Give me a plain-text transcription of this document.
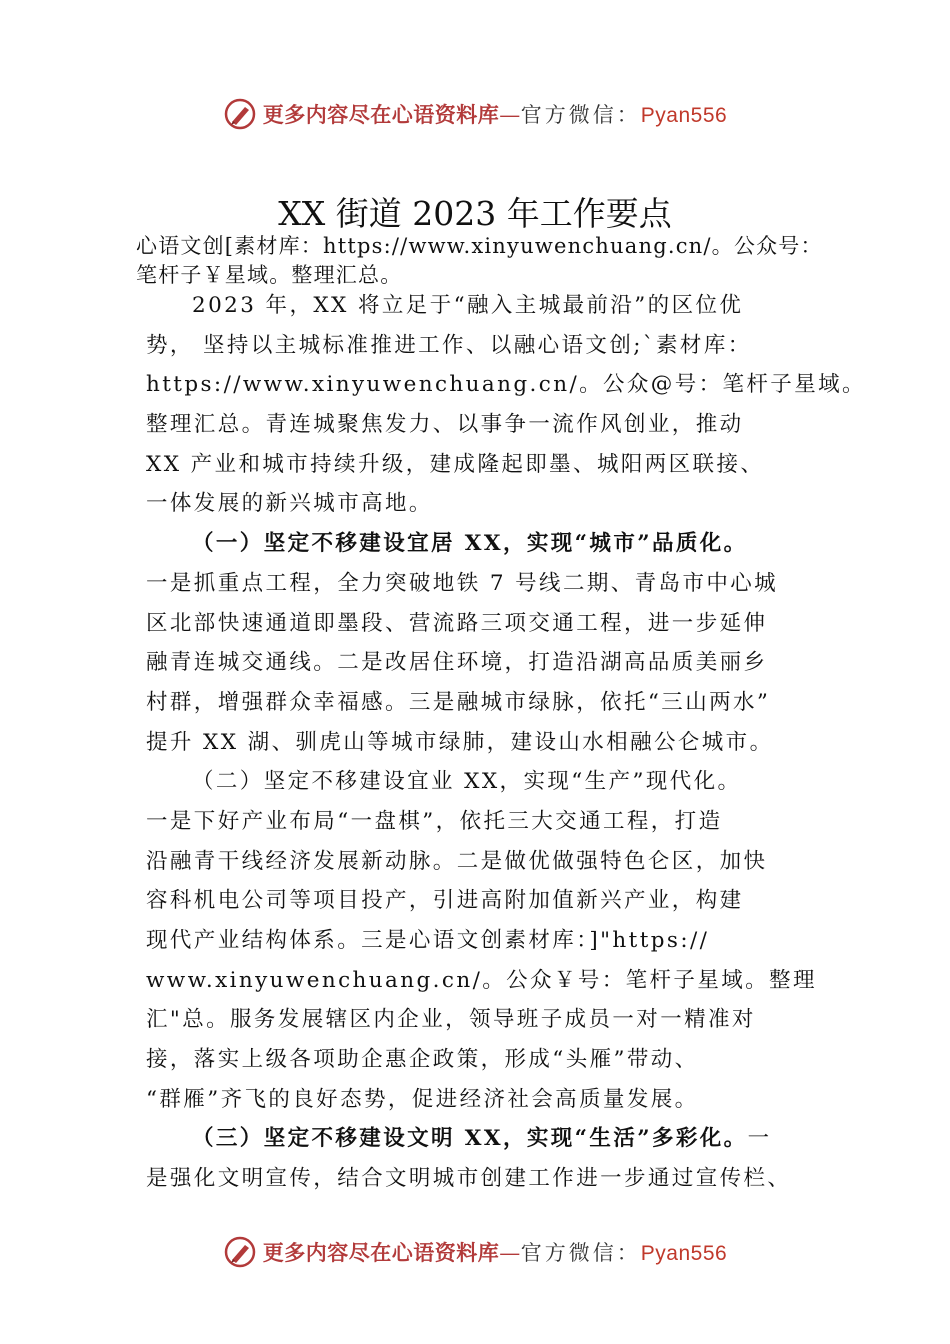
更多内容尽在心语资料库—官方微信：Pyan556
XX 街道 2023 年工作要点
心语文创[素材库：https://www.xinyuwenchuang.cn/。公众号：
笔杆子￥星域。整理汇总。
2023 年，XX 将立足于“融入主城最前沿”的区位优
势， 坚持以主城标准推进工作、以融心语文创;`素材库：
https://www.xinyuwenchuang.cn/。公众@号：笔杆子星域。
整理汇总。青连城聚焦发力、以事争一流作风创业，推动
XX 产业和城市持续升级，建成隆起即墨、城阳两区联接、
一体发展的新兴城市高地。
（一）坚定不移建设宜居 XX，实现“城市”品质化。
一是抓重点工程，全力突破地铁 7 号线二期、青岛市中心城
区北部快速通道即墨段、营流路三项交通工程，进一步延伸
融青连城交通线。二是改居住环境，打造沿湖高品质美丽乡
村群，增强群众幸福感。三是融城市绿脉，依托“三山两水”
提升 XX 湖、驯虎山等城市绿肺，建设山水相融公仑城市。
（二）坚定不移建设宜业 XX，实现“生产”现代化。
一是下好产业布局“一盘棋”，依托三大交通工程，打造
沿融青干线经济发展新动脉。二是做优做强特色仑区，加快
容科机电公司等项目投产，引进高附加值新兴产业，构建
现代产业结构体系。三是心语文创素材库：]"https://
www.xinyuwenchuang.cn/。公众￥号：笔杆子星域。整理
汇"总。服务发展辖区内企业，领导班子成员一对一精准对
接，落实上级各项助企惠企政策，形成“头雁”带动、
“群雁”齐飞的良好态势，促进经济社会高质量发展。
（三）坚定不移建设文明 XX，实现“生活”多彩化。一
是强化文明宣传，结合文明城市创建工作进一步通过宣传栏、
更多内容尽在心语资料库—官方微信：Pyan556
